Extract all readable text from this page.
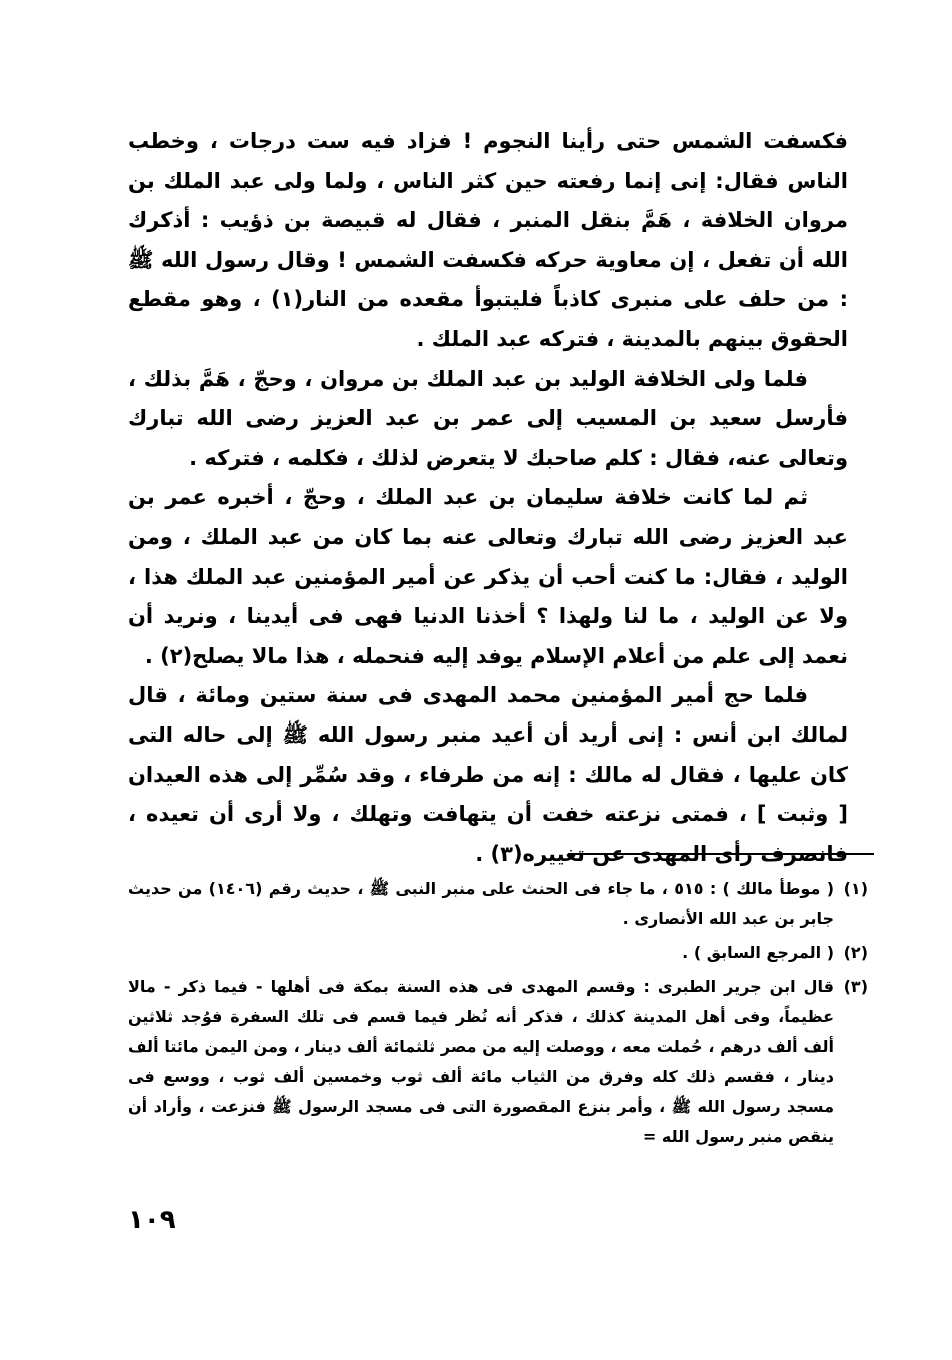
فكسفت الشمس حتى رأينا النجوم ! فزاد فيه ست درجات ، وخطب الناس فقال: إنى إنما رفعته حين كثر الناس ، ولما ولى عبد الملك بن مروان الخلافة ، هَمَّ بنقل المنبر ، فقال له قبيصة بن ذؤيب : أذكرك الله أن تفعل ، إن معاوية حركه فكسفت الشمس ! وقال رسول الله ﷺ : من حلف على منبرى كاذباً فليتبوأ مقعده من النار(١) ، وهو مقطع الحقوق بينهم بالمدينة ، فتركه عبد الملك .

فلما ولى الخلافة الوليد بن عبد الملك بن مروان ، وحجّ ، هَمَّ بذلك ، فأرسل سعيد بن المسيب إلى عمر بن عبد العزيز رضى الله تبارك وتعالى عنه، فقال : كلم صاحبك لا يتعرض لذلك ، فكلمه ، فتركه .

ثم لما كانت خلافة سليمان بن عبد الملك ، وحجّ ، أخبره عمر بن عبد العزيز رضى الله تبارك وتعالى عنه بما كان من عبد الملك ، ومن الوليد ، فقال: ما كنت أحب أن يذكر عن أمير المؤمنين عبد الملك هذا ، ولا عن الوليد ، ما لنا ولهذا ؟ أخذنا الدنيا فهى فى أيدينا ، ونريد أن نعمد إلى علم من أعلام الإسلام يوفد إليه فنحمله ، هذا مالا يصلح(٢) .

فلما حج أمير المؤمنين محمد المهدى فى سنة ستين ومائة ، قال لمالك ابن أنس : إنى أريد أن أعيد منبر رسول الله ﷺ إلى حاله التى كان عليها ، فقال له مالك : إنه من طرفاء ، وقد سُمِّر إلى هذه العيدان [ وثبت ] ، فمتى نزعته خفت أن يتهافت وتهلك ، ولا أرى أن تعيده ، فانصرف رأى المهدى عن تغييره(٣) .

(١)
( موطأ مالك ) : ٥١٥ ، ما جاء فى الحنث على منبر النبى ﷺ ، حديث رقم (١٤٠٦) من حديث جابر بن عبد الله الأنصارى .
(٢)
( المرجع السابق ) .
(٣)
قال ابن جرير الطبرى : وقسم المهدى فى هذه السنة بمكة فى أهلها - فيما ذكر - مالا عظيماً، وفى أهل المدينة كذلك ، فذكر أنه نُظر فيما قسم فى تلك السفرة فوُجد ثلاثين ألف ألف درهم ، حُملت معه ، ووصلت إليه من مصر ثلثمائة ألف دينار ، ومن اليمن مائتا ألف دينار ، فقسم ذلك كله وفرق من الثياب مائة ألف ثوب وخمسين ألف ثوب ، ووسع فى مسجد رسول الله ﷺ ، وأمر بنزع المقصورة التى فى مسجد الرسول ﷺ فنزعت ، وأراد أن ينقص منبر رسول الله =
١٠٩
